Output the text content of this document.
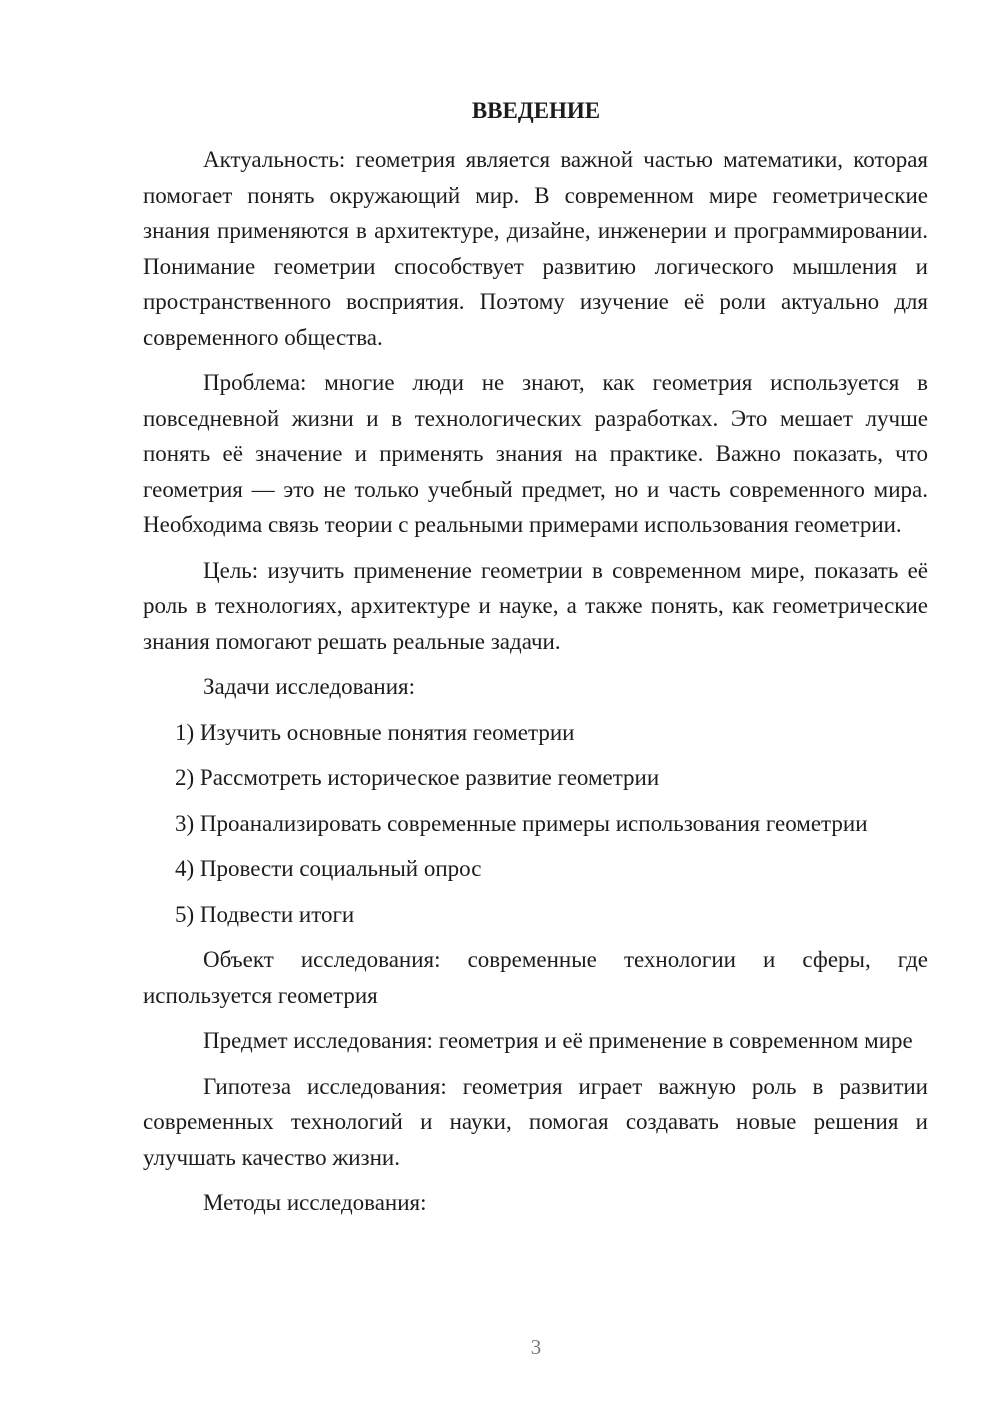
ВВЕДЕНИЕ

Актуальность: геометрия является важной частью математики, которая помогает понять окружающий мир. В современном мире геометрические знания применяются в архитектуре, дизайне, инженерии и программировании. Понимание геометрии способствует развитию логического мышления и пространственного восприятия. Поэтому изучение её роли актуально для современного общества.

Проблема: многие люди не знают, как геометрия используется в повседневной жизни и в технологических разработках. Это мешает лучше понять её значение и применять знания на практике. Важно показать, что геометрия — это не только учебный предмет, но и часть современного мира. Необходима связь теории с реальными примерами использования геометрии.

Цель: изучить применение геометрии в современном мире, показать её роль в технологиях, архитектуре и науке, а также понять, как геометрические знания помогают решать реальные задачи.

Задачи исследования:

1) Изучить основные понятия геометрии

2) Рассмотреть историческое развитие геометрии

3) Проанализировать современные примеры использования геометрии

4) Провести социальный опрос

5) Подвести итоги

Объект исследования: современные технологии и сферы, где используется геометрия

Предмет исследования: геометрия и её применение в современном мире

Гипотеза исследования: геометрия играет важную роль в развитии современных технологий и науки, помогая создавать новые решения и улучшать качество жизни.

Методы исследования:

3
